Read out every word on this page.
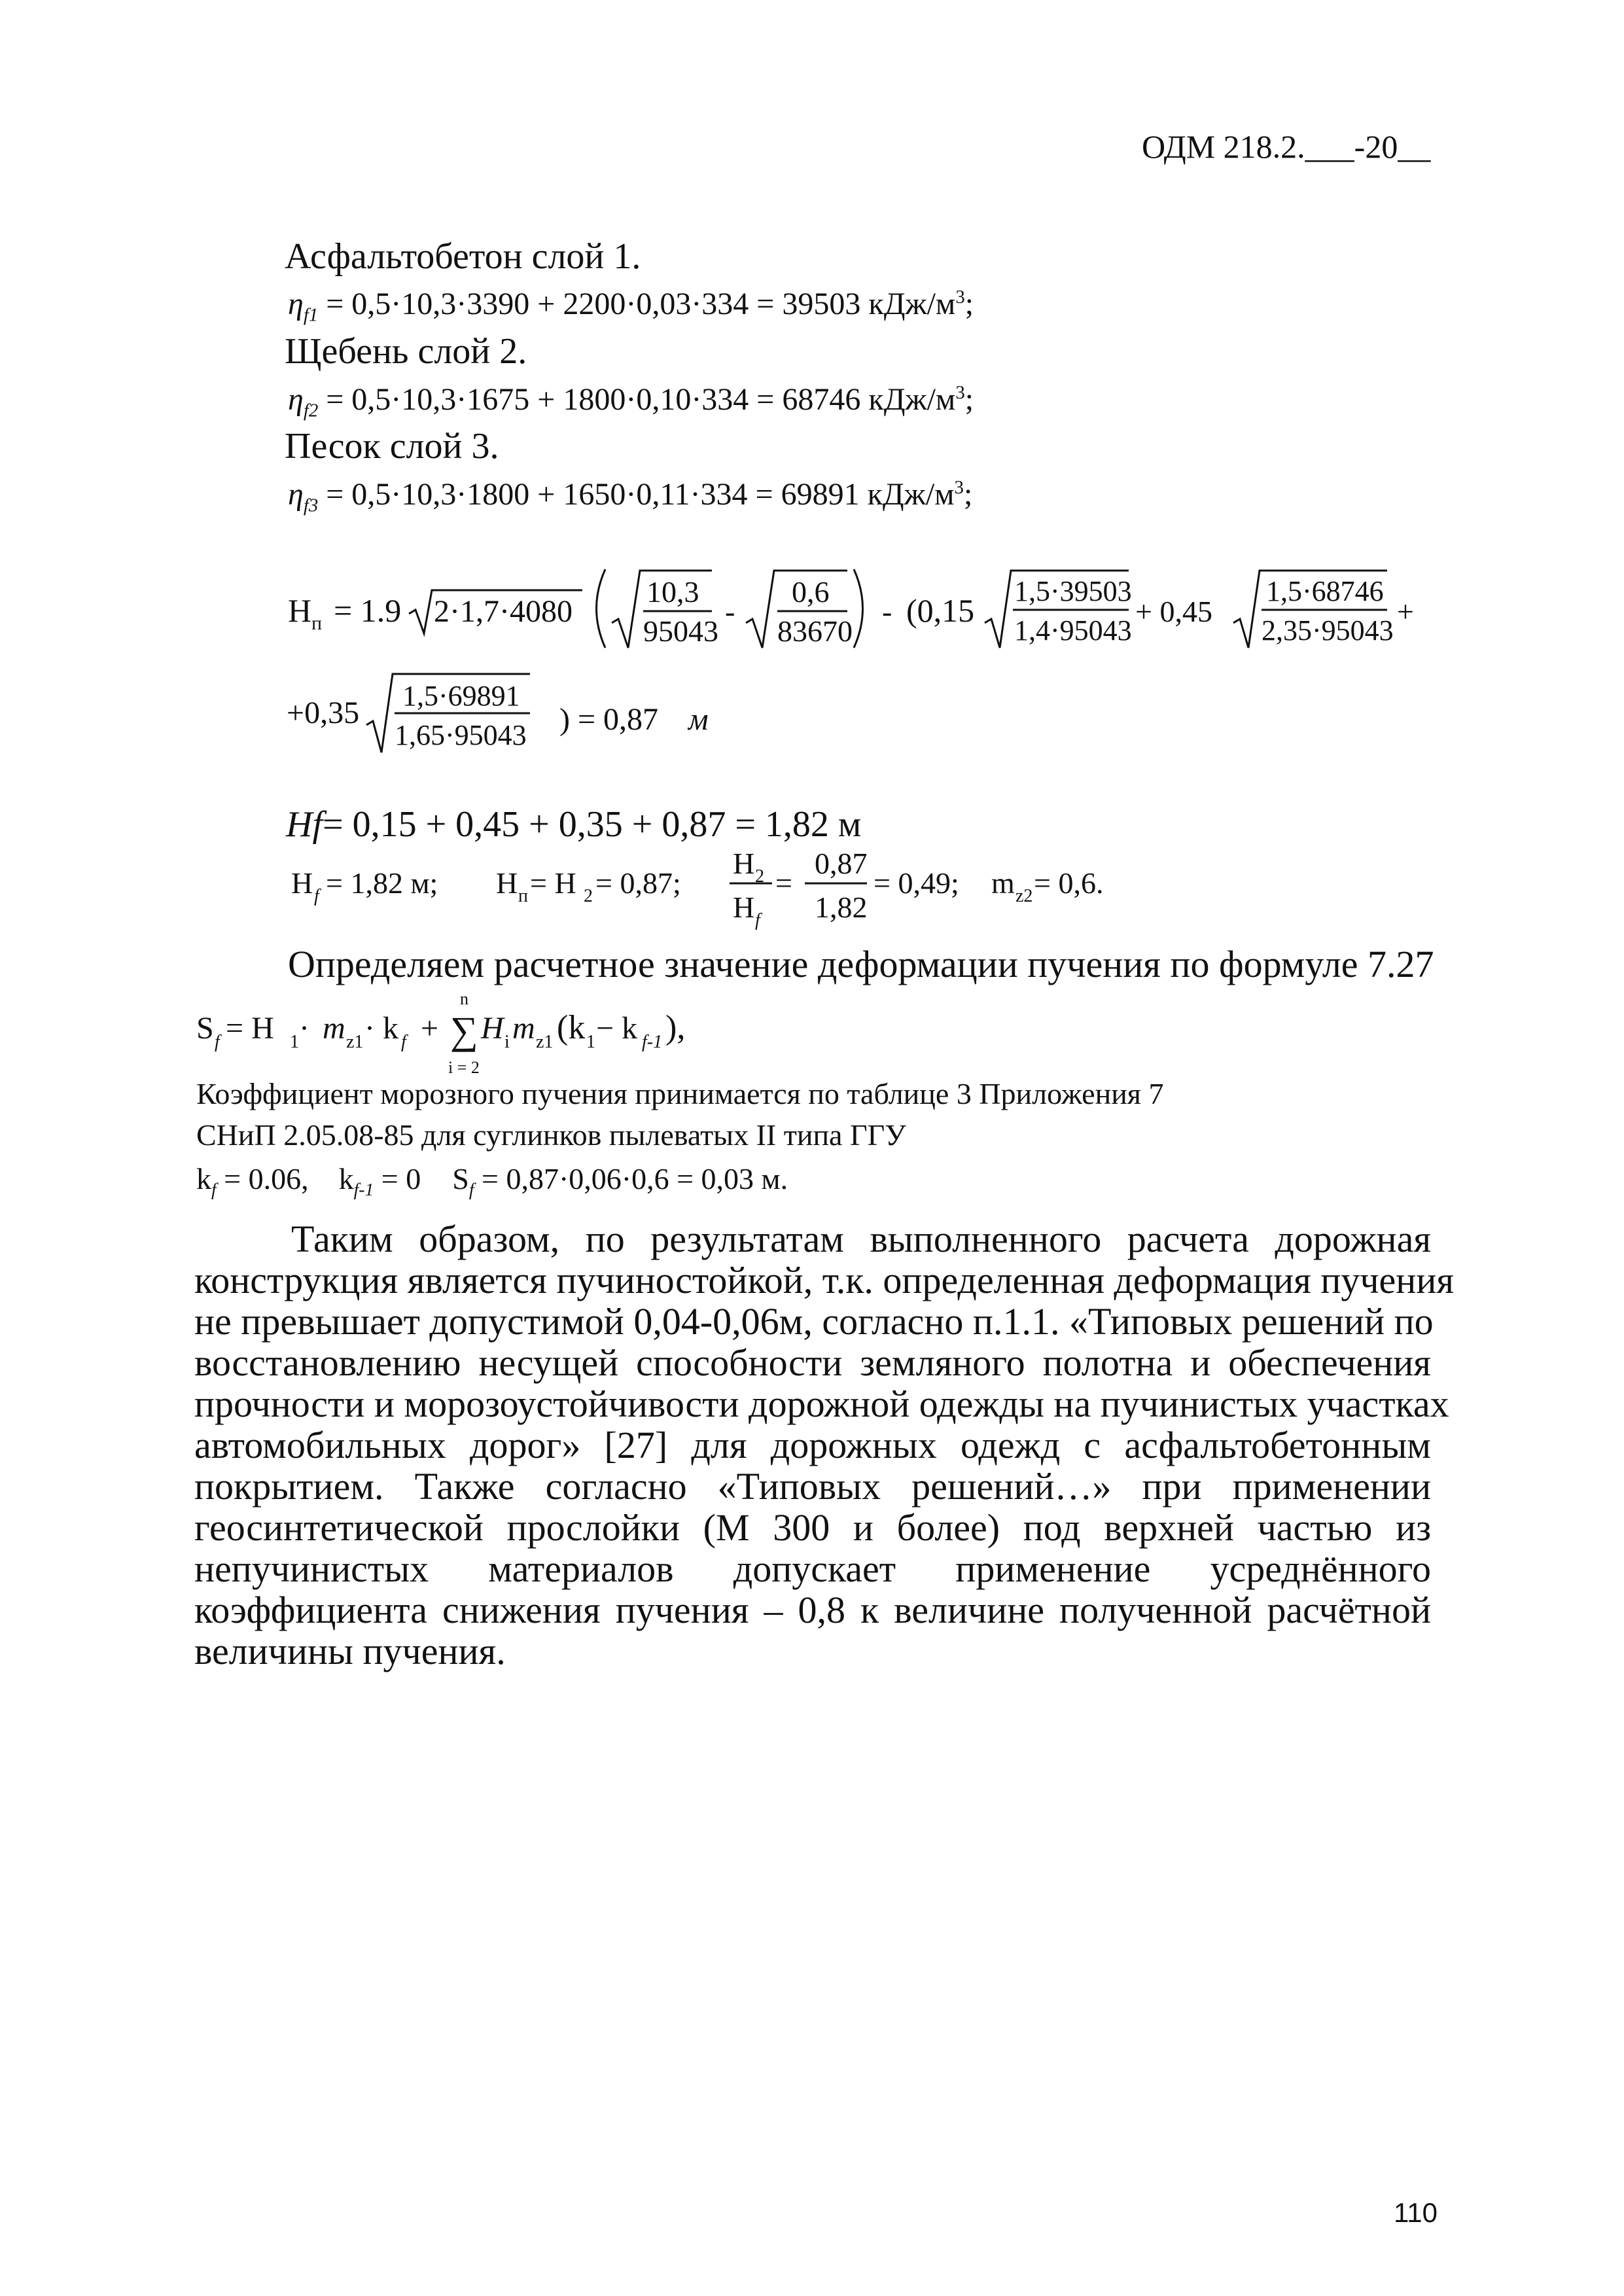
ОДМ 218.2.___-20__
Асфальтобетон слой 1.
$\eta_{f1} = 0,5\cdot 10,3\cdot 3390 + 2200\cdot 0,03\cdot 334 = 39503$ кДж/$м^3$;
Щебень слой 2.
$\eta_{f2} = 0,5\cdot 10,3\cdot 1675 + 1800\cdot 0,10\cdot 334 = 68746$ кДж/$м^3$;
Песок слой 3.
$\eta_{f3} = 0,5\cdot 10,3\cdot 1800 + 1650\cdot 0,11\cdot 334 = 69891$ кДж/$м^3$;
H п = 1.9 2·1,7·4080
10,3
95043
-
0,6
83670
- (0,15
1,5·39503
1,4·95043
+ 0,45
1,5·68746
2,35·95043
+
+0,35 1,5·69891
1,65·95043 ) = 0,87 м
Hf= 0,15 + 0,45 + 0,35 + 0,87 = 1,82 м
H f = 1,82 м; H п = H 2 = 0,87;
H 2
H f
=
0,87
1,82
= 0,49; m z2 = 0,6.
Определяем расчетное значение деформации пучения по формуле 7.27
S f = H 1 · m z1 · k f +
n
∑
i = 2
H i m z1 (k 1 − k f-1 ),
Коэффициент морозного пучения принимается по таблице 3 Приложения 7
СНиП 2.05.08-85 для суглинков пылеватых II типа ГГУ
$k_f = 0.06$, $k_{f-1} = 0$ $S_f = 0,87\cdot 0,06\cdot 0,6 = 0,03$ м.
Таким образом, по результатам выполненного расчета дорожная
конструкция является пучиностойкой, т.к. определенная деформация пучения
не превышает допустимой 0,04-0,06м, согласно п.1.1. «Типовых решений по
восстановлению несущей способности земляного полотна и обеспечения
прочности и морозоустойчивости дорожной одежды на пучинистых участках
автомобильных дорог» [27] для дорожных одежд с асфальтобетонным
покрытием. Также согласно «Типовых решений…» при применении
геосинтетической прослойки (М 300 и более) под верхней частью из
непучинистых материалов допускает применение усреднённого
коэффициента снижения пучения – 0,8 к величине полученной расчётной
величины пучения.
110
